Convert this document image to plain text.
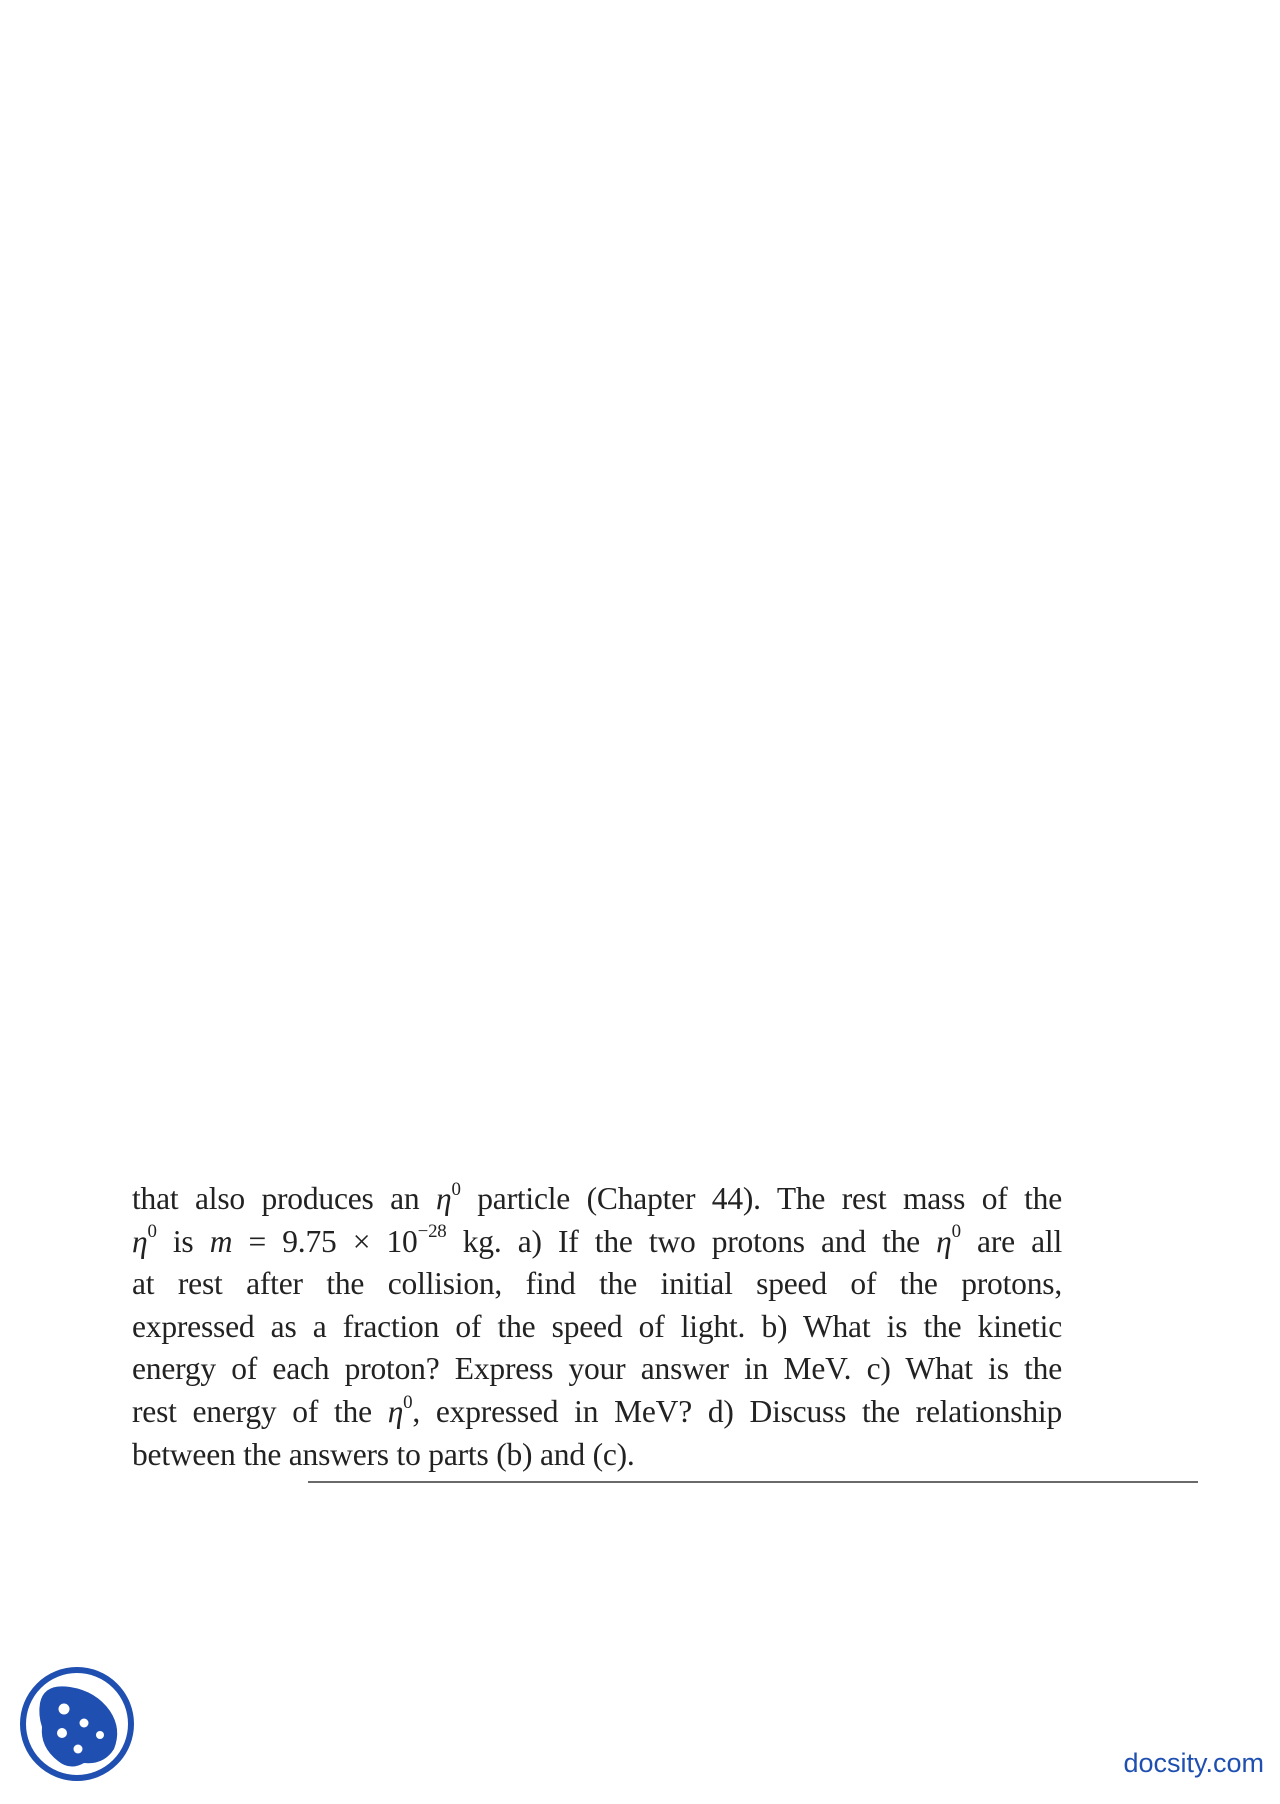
that also produces an $\eta^0$ particle (Chapter 44). The rest mass of the
$\eta^0$ is $m = 9.75 \times 10^{-28}$ kg. a) If the two protons and the $\eta^0$ are all
at rest after the collision, find the initial speed of the protons,
expressed as a fraction of the speed of light. b) What is the kinetic
energy of each proton? Express your answer in MeV. c) What is the
rest energy of the $\eta^0$, expressed in MeV? d) Discuss the relationship
between the answers to parts (b) and (c).
docsity.com
